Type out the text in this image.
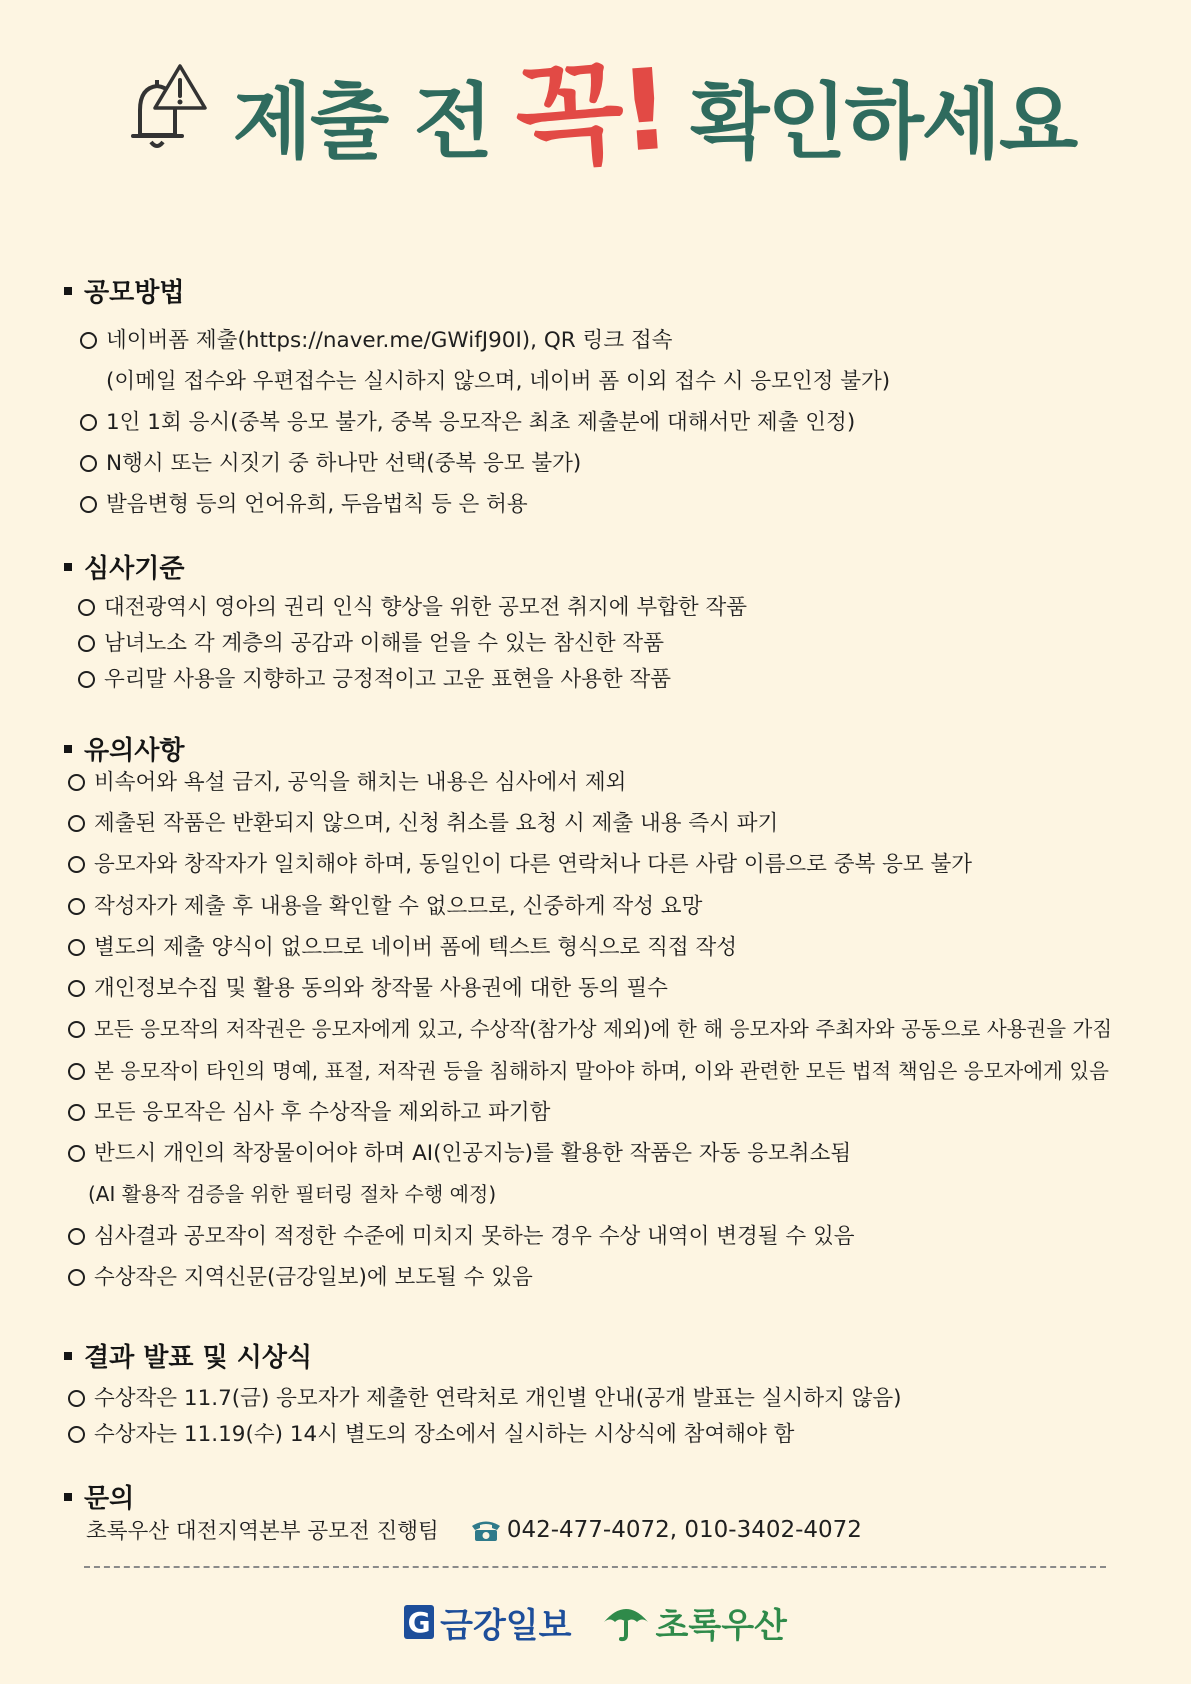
제출 전 꼭! 확인하세요
공모방법
네이버폼 제출(https://naver.me/GWifJ90I), QR 링크 접속
(이메일 접수와 우편접수는 실시하지 않으며, 네이버 폼 이외 접수 시 응모인정 불가)
1인 1회 응시(중복 응모 불가, 중복 응모작은 최초 제출분에 대해서만 제출 인정)
N행시 또는 시짓기 중 하나만 선택(중복 응모 불가)
발음변형 등의 언어유희, 두음법칙 등 은 허용
심사기준
대전광역시 영아의 권리 인식 향상을 위한 공모전 취지에 부합한 작품
남녀노소 각 계층의 공감과 이해를 얻을 수 있는 참신한 작품
우리말 사용을 지향하고 긍정적이고 고운 표현을 사용한 작품
유의사항
비속어와 욕설 금지, 공익을 해치는 내용은 심사에서 제외
제출된 작품은 반환되지 않으며, 신청 취소를 요청 시 제출 내용 즉시 파기
응모자와 창작자가 일치해야 하며, 동일인이 다른 연락처나 다른 사람 이름으로 중복 응모 불가
작성자가 제출 후 내용을 확인할 수 없으므로, 신중하게 작성 요망
별도의 제출 양식이 없으므로 네이버 폼에 텍스트 형식으로 직접 작성
개인정보수집 및 활용 동의와 창작물 사용권에 대한 동의 필수
모든 응모작의 저작권은 응모자에게 있고, 수상작(참가상 제외)에 한 해 응모자와 주최자와 공동으로 사용권을 가짐
본 응모작이 타인의 명예, 표절, 저작권 등을 침해하지 말아야 하며, 이와 관련한 모든 법적 책임은 응모자에게 있음
모든 응모작은 심사 후 수상작을 제외하고 파기함
반드시 개인의 착장물이어야 하며 AI(인공지능)를 활용한 작품은 자동 응모취소됨
(AI 활용작 검증을 위한 필터링 절차 수행 예정)
심사결과 공모작이 적정한 수준에 미치지 못하는 경우 수상 내역이 변경될 수 있음
수상작은 지역신문(금강일보)에 보도될 수 있음
결과 발표 및 시상식
수상작은 11.7(금) 응모자가 제출한 연락처로 개인별 안내(공개 발표는 실시하지 않음)
수상자는 11.19(수) 14시 별도의 장소에서 실시하는 시상식에 참여해야 함
문의
초록우산 대전지역본부 공모전 진행팀	042-477-4072, 010-3402-4072
G 금강일보 초록우산
